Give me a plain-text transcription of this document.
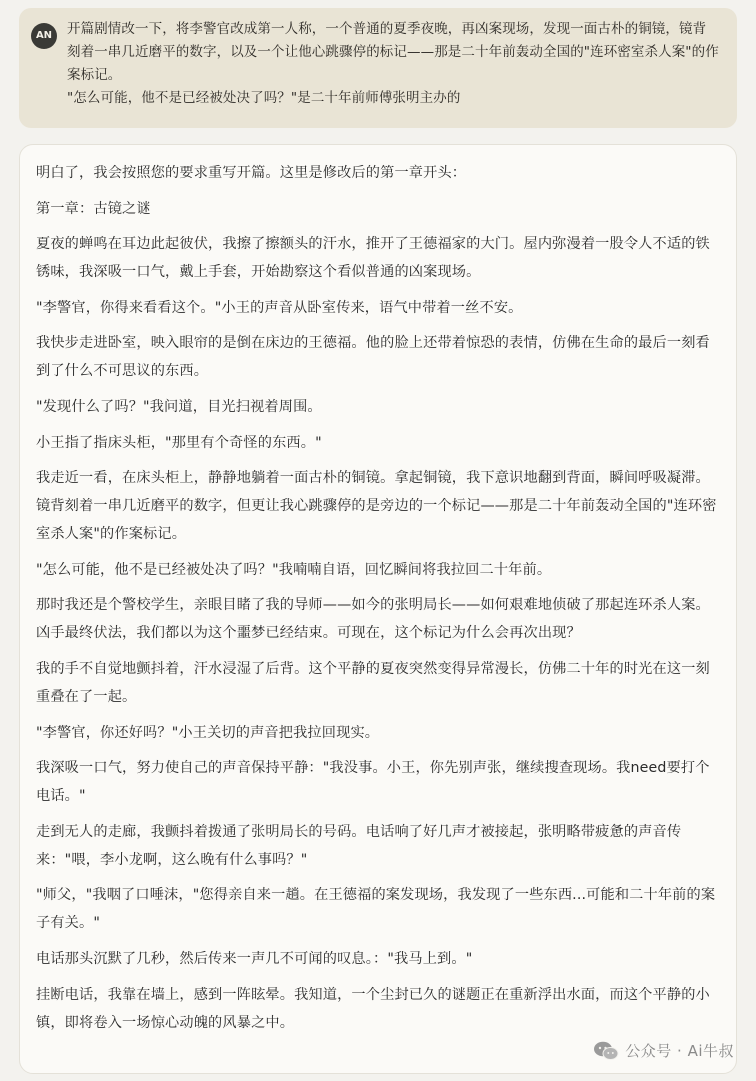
AN	开篇剧情改一下，将李警官改成第一人称，一个普通的夏季夜晚，再凶案现场，发现一面古朴的铜镜，镜背刻着一串几近磨平的数字，以及一个让他心跳骤停的标记——那是二十年前轰动全国的"连环密室杀人案"的作案标记。

"怎么可能，他不是已经被处决了吗？"是二十年前师傅张明主办的

明白了，我会按照您的要求重写开篇。这里是修改后的第一章开头：

第一章：古镜之谜

夏夜的蝉鸣在耳边此起彼伏，我擦了擦额头的汗水，推开了王德福家的大门。屋内弥漫着一股令人不适的铁锈味，我深吸一口气，戴上手套，开始勘察这个看似普通的凶案现场。

"李警官，你得来看看这个。"小王的声音从卧室传来，语气中带着一丝不安。

我快步走进卧室，映入眼帘的是倒在床边的王德福。他的脸上还带着惊恐的表情，仿佛在生命的最后一刻看到了什么不可思议的东西。

"发现什么了吗？"我问道，目光扫视着周围。

小王指了指床头柜，"那里有个奇怪的东西。"

我走近一看，在床头柜上，静静地躺着一面古朴的铜镜。拿起铜镜，我下意识地翻到背面，瞬间呼吸凝滞。镜背刻着一串几近磨平的数字，但更让我心跳骤停的是旁边的一个标记——那是二十年前轰动全国的"连环密室杀人案"的作案标记。

"怎么可能，他不是已经被处决了吗？"我喃喃自语，回忆瞬间将我拉回二十年前。

那时我还是个警校学生，亲眼目睹了我的导师——如今的张明局长——如何艰难地侦破了那起连环杀人案。凶手最终伏法，我们都以为这个噩梦已经结束。可现在，这个标记为什么会再次出现？

我的手不自觉地颤抖着，汗水浸湿了后背。这个平静的夏夜突然变得异常漫长，仿佛二十年的时光在这一刻重叠在了一起。

"李警官，你还好吗？"小王关切的声音把我拉回现实。

我深吸一口气，努力使自己的声音保持平静："我没事。小王，你先别声张，继续搜查现场。我need要打个电话。"

走到无人的走廊，我颤抖着拨通了张明局长的号码。电话响了好几声才被接起，张明略带疲惫的声音传来："喂，李小龙啊，这么晚有什么事吗？"

"师父，"我咽了口唾沫，"您得亲自来一趟。在王德福的案发现场，我发现了一些东西...可能和二十年前的案子有关。"

电话那头沉默了几秒，然后传来一声几不可闻的叹息。："我马上到。"

挂断电话，我靠在墙上，感到一阵眩晕。我知道，一个尘封已久的谜题正在重新浮出水面，而这个平静的小镇，即将卷入一场惊心动魄的风暴之中。

公众号 · Ai牛叔
